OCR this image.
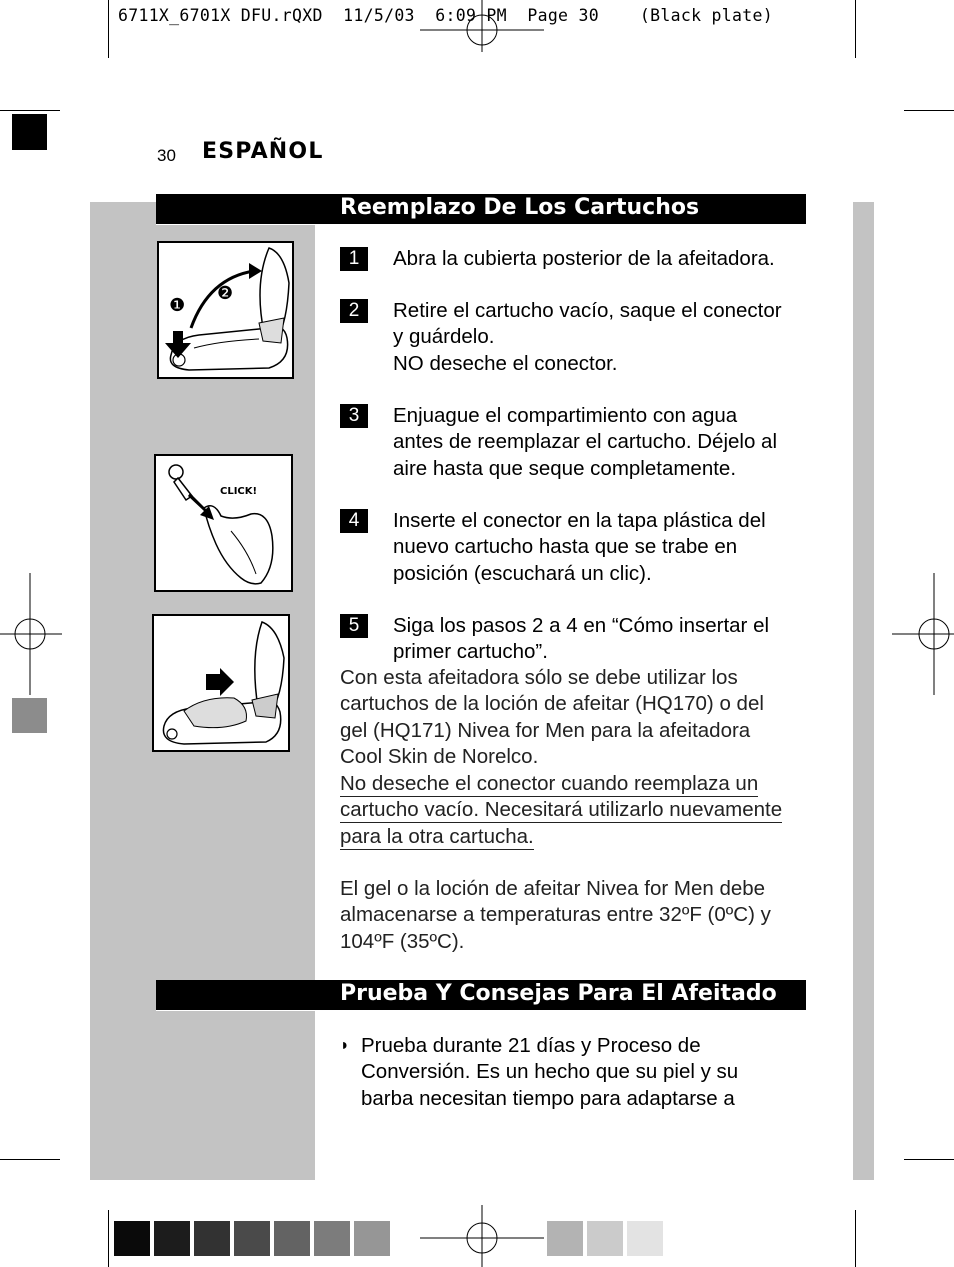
6711X_6701X DFU.rQXD  11/5/03  6:09 PM  Page 30    (Black plate)
30 ESPAÑOL
Reemplazo De Los Cartuchos
❶
❷
CLICK!
1	Abra la cubierta posterior de la afeitadora.
2	Retire el cartucho vacío, saque el conector
y guárdelo.
NO deseche el conector.
3	Enjuague el compartimiento con agua
antes de reemplazar el cartucho. Déjelo al
aire hasta que seque completamente.
4	Inserte el conector en la tapa plástica del
nuevo cartucho hasta que se trabe en
posición (escuchará un clic).
5	Siga los pasos 2 a 4 en “Cómo insertar el
primer cartucho”.
Con esta afeitadora sólo se debe utilizar los
cartuchos de la loción de afeitar (HQ170) o del
gel (HQ171) Nivea for Men para la afeitadora
Cool Skin de Norelco.
No deseche el conector cuando reemplaza un
cartucho vacío. Necesitará utilizarlo nuevamente
para la otra cartucha.
El gel o la loción de afeitar Nivea for Men debe
almacenarse a temperaturas entre 32ºF (0ºC) y
104ºF (35ºC).
Prueba Y Consejas Para El Afeitado
◗ Prueba durante 21 días y Proceso de
Conversión. Es un hecho que su piel y su
barba necesitan tiempo para adaptarse a
